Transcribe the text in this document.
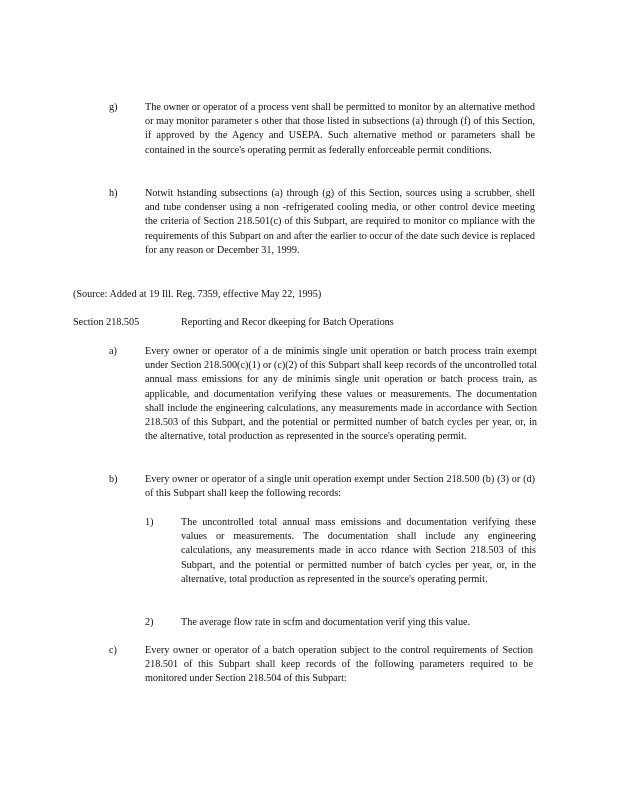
g)	The owner or operator of a process vent shall be permitted to monitor by an alternative method or may monitor parameter s other that those listed in subsections (a) through (f) of this Section, if approved by the Agency and USEPA. Such alternative method or parameters shall be contained in the source's operating permit as federally enforceable permit conditions.

h)	Notwit hstanding subsections (a) through (g) of this Section, sources using a scrubber, shell and tube condenser using a non -refrigerated cooling media, or other control device meeting the criteria of Section 218.501(c) of this Subpart, are required to monitor co mpliance with the requirements of this Subpart on and after the earlier to occur of the date such device is replaced for any reason or December 31, 1999.

(Source: Added at 19 Ill. Reg. 7359, effective May 22, 1995)

Section 218.505	Reporting and Recor dkeeping for Batch Operations

a)	Every owner or operator of a de minimis single unit operation or batch process train exempt under Section 218.500(c)(1) or (c)(2) of this Subpart shall keep records of the uncontrolled total annual mass emissions for any de minimis single unit operation or batch process train, as applicable, and documentation verifying these values or measurements. The documentation shall include the engineering calculations, any measurements made in accordance with Section 218.503 of this Subpart, and the potential or permitted number of batch cycles per year, or, in the alternative, total production as represented in the source's operating permit.

b)	Every owner or operator of a single unit operation exempt under Section 218.500 (b) (3) or (d) of this Subpart shall keep the following records:

1)	The uncontrolled total annual mass emissions and documentation verifying these values or measurements. The documentation shall include any engineering calculations, any measurements made in acco rdance with Section 218.503 of this Subpart, and the potential or permitted number of batch cycles per year, or, in the alternative, total production as represented in the source's operating permit.

2)	The average flow rate in scfm and documentation verif ying this value.

c)	Every owner or operator of a batch operation subject to the control requirements of Section 218.501 of this Subpart shall keep records of the following parameters required to be monitored under Section 218.504 of this Subpart:
